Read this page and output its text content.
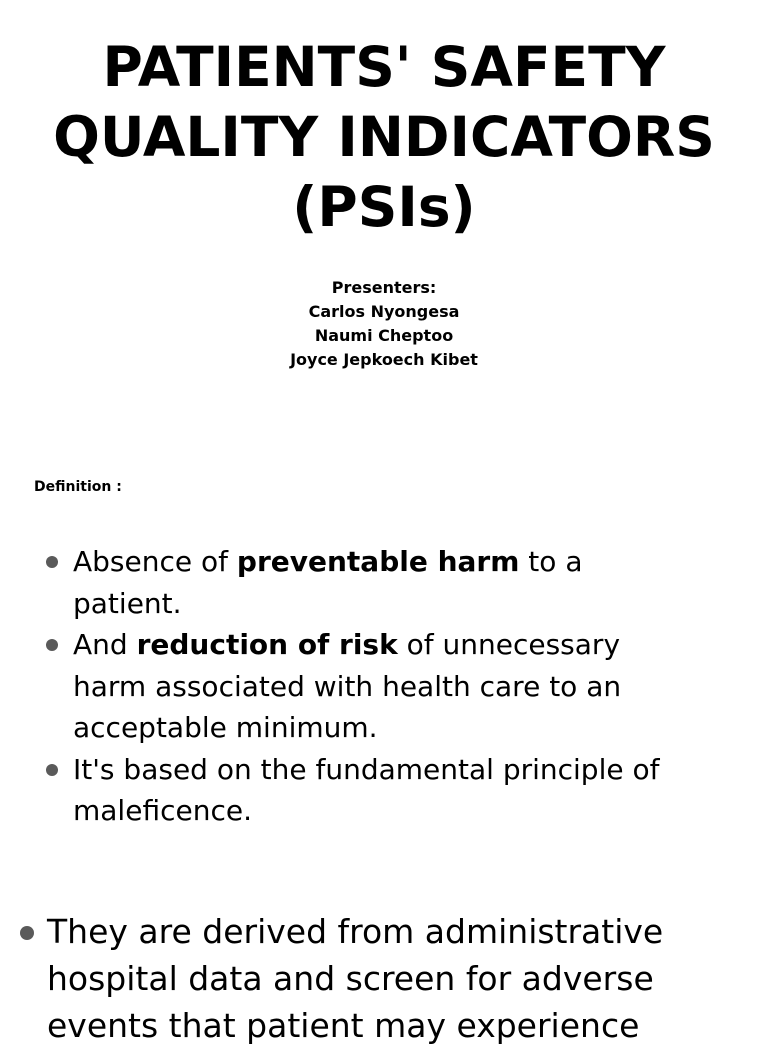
PATIENTS' SAFETY
QUALITY INDICATORS
(PSIs)
Presenters:
Carlos Nyongesa
Naumi Cheptoo
Joyce Jepkoech Kibet
Definition :
Absence of preventable harm to a
patient.
And reduction of risk of unnecessary
harm associated with health care to an
acceptable minimum.
It's based on the fundamental principle of
maleficence.
They are derived from administrative
hospital data and screen for adverse
events that patient may experience
